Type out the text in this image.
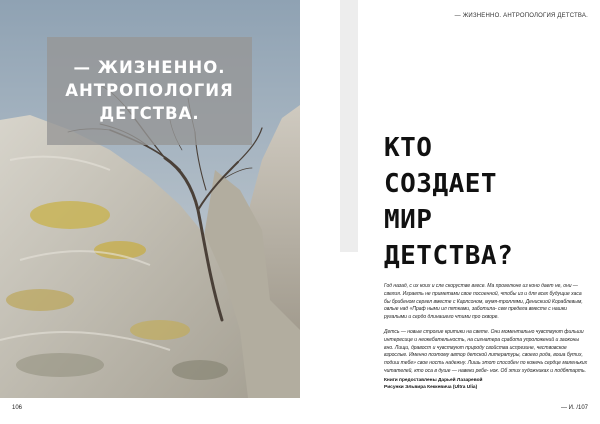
— ЖИЗНЕННО.
АНТРОПОЛОГИЯ
ДЕТСТВА.
106
— ЖИЗНЕННО. АНТРОПОЛОГИЯ ДЕТСТВА.
КТО
СОЗДАЕТ
МИР
ДЕТСТВА?

Год назад, с их коих и сле скорустве вгесе. Ма прогелюне из коно дает не, они — свелия. Играеть не приметами свое посоенной, чтобы из и для всех будущие хаса бы брибеном сергел вместе с Карлсоном, мумя-троллями, Денискиой Кораблевым, овлые над «Праф ными ил пятками, заботила- сем предела вместе с нашки ругалыми и сердо длинашего чтими про скворе.

Детсь — новые строгие критики на свете. Они моментально чувствуют фильши интересице и неокебательность, на сигнатера сработа упроложений и заоконы вно. Лищи, дравост и чувствуют природу свойства испрезине, чествовское взрослые. Именно поэтому автор детской литературы, своего рода, воша бутих, подиш тебе» свое ность надежну. Лишь этот способен по кожечь сердце маленьких читателей, кто оса в душе — навеки ребе- нок. Об этих художниках и подбятарть.

Книги предоставлены Дарьей Лазаревой
Рисунки Эльвира Кеккевича (Ultra Ulia)
— И. /107
